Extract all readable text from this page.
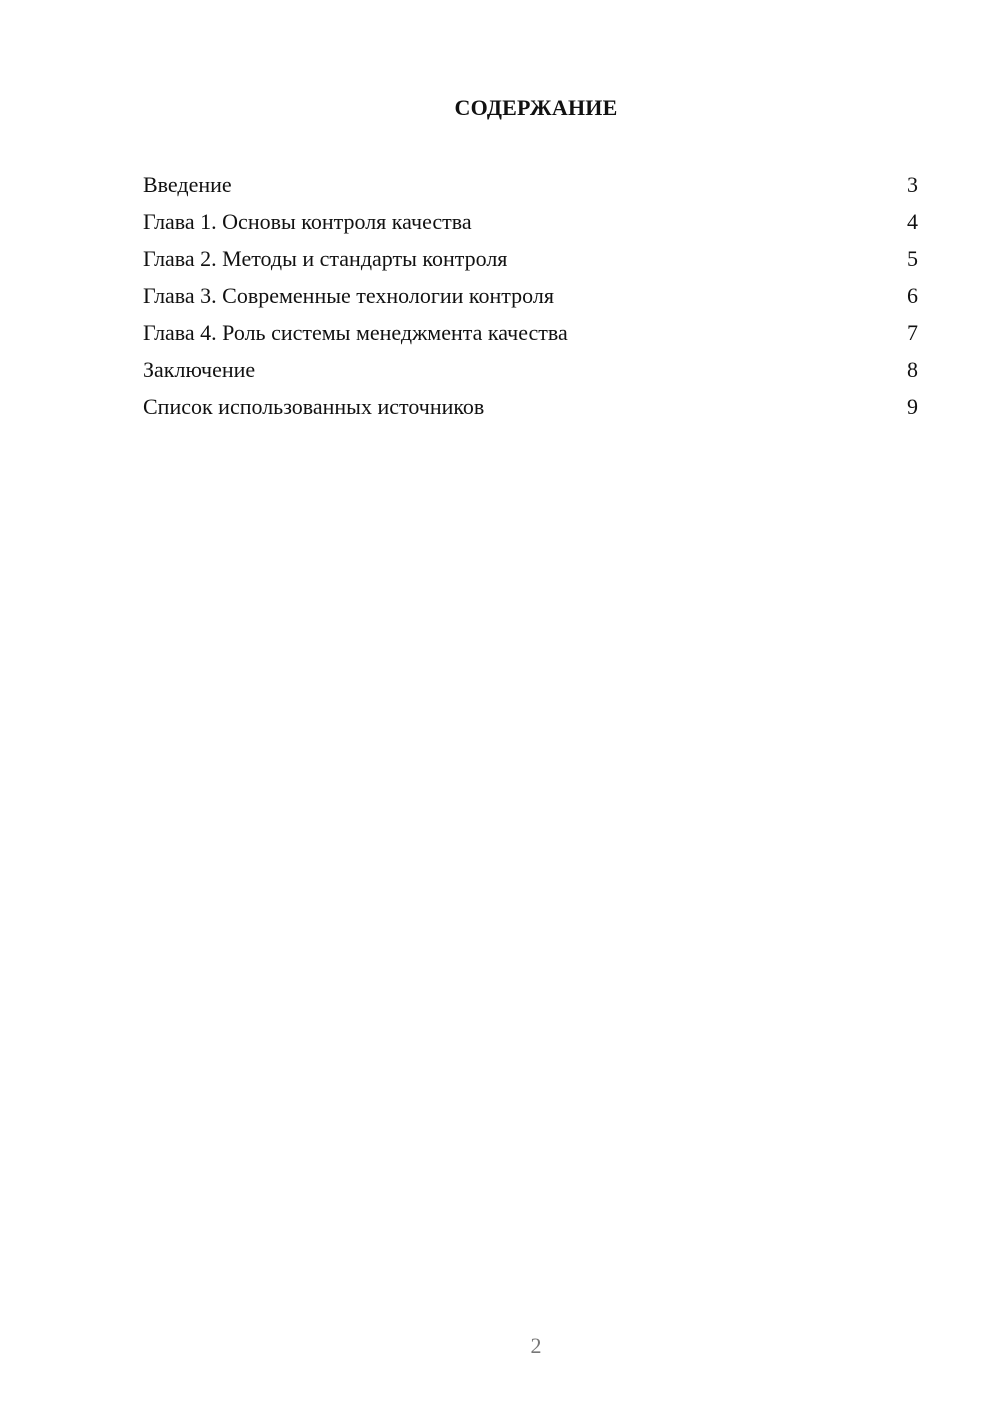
СОДЕРЖАНИЕ
Введение	3
Глава 1. Основы контроля качества	4
Глава 2. Методы и стандарты контроля	5
Глава 3. Современные технологии контроля	6
Глава 4. Роль системы менеджмента качества	7
Заключение	8
Список использованных источников	9
2
